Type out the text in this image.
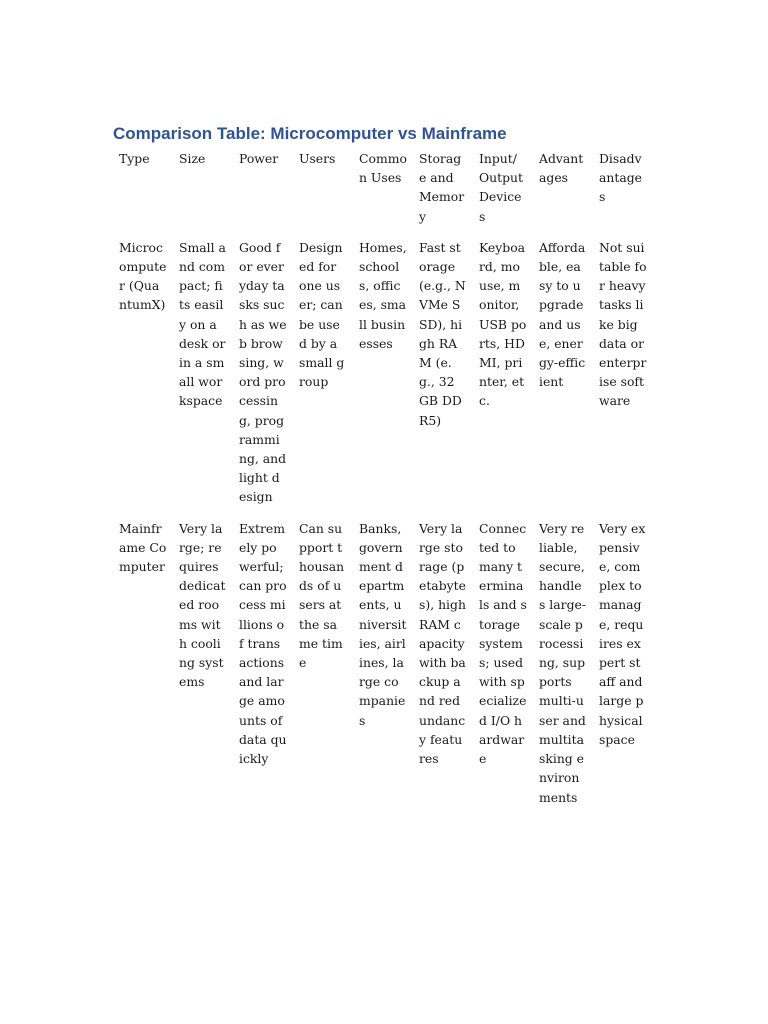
Comparison Table: Microcomputer vs Mainframe
Type	Size	Power	Users	Common Uses	Storage and Memory	Input/ Output Devices	Advantages	Disadvantages
Microcomputer (QuantumX)	Small and compact; fits easily on a desk or in a small workspace	Good for everyday tasks such as web browsing, word processing, programming, and light design	Designed for one user; can be used by a small group	Homes, schools, offices, small businesses	Fast storage (e.g., NVMe SSD), high RAM (e.g., 32 GB DDR5)	Keyboard, mouse, monitor, USB ports, HDMI, printer, etc.	Affordable, easy to upgrade and use, energy-efficient	Not suitable for heavy tasks like big data or enterprise software
Mainframe Computer	Very large; requires dedicated rooms with cooling systems	Extremely powerful; can process millions of transactions and large amounts of data quickly	Can support thousands of users at the same time	Banks, government departments, universities, airlines, large companies	Very large storage (petabytes), high RAM capacity with backup and redundancy features	Connected to many terminals and storage systems; used with specialized I/O hardware	Very reliable, secure, handles large-scale processing, supports multi-user and multitasking environments	Very expensive, complex to manage, requires expert staff and large physical space
